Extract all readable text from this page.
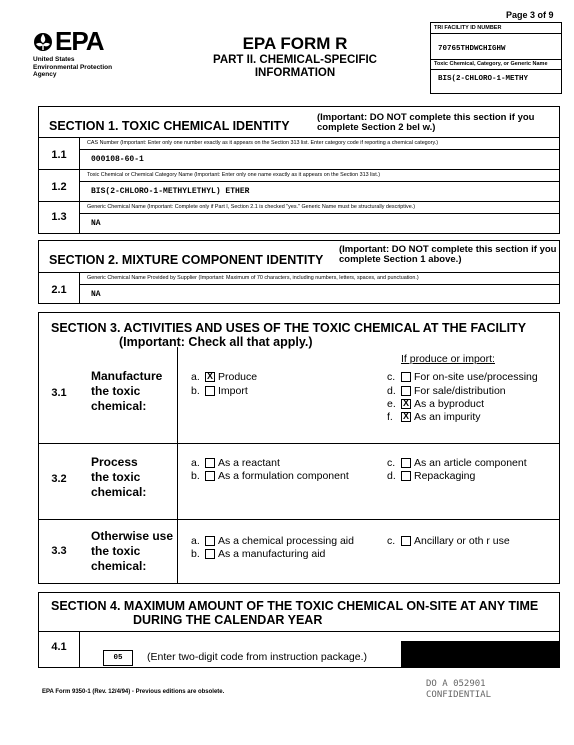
Page 3 of 9
EPA
United States
Environmental Protection
Agency
EPA FORM R
PART II. CHEMICAL-SPECIFIC
INFORMATION
TRI FACILITY ID NUMBER
70765THDWCHIGHW
Toxic Chemical, Category, or Generic Name
BIS(2-CHLORO-1-METHY
SECTION 1. TOXIC CHEMICAL IDENTITY
(Important: DO NOT complete this section if you complete Section 2 bel w.)
1.1
CAS Number (Important: Enter only one number exactly as it appears on the Section 313 list. Enter category code if reporting a chemical category.)
000108-60-1
1.2
Toxic Chemical or Chemical Category Name (Important: Enter only one name exactly as it appears on the Section 313 list.)
BIS(2-CHLORO-1-METHYLETHYL) ETHER
1.3
Generic Chemical Name (Important: Complete only if Part I, Section 2.1 is checked "yes." Generic Name must be structurally descriptive.)
NA
SECTION 2. MIXTURE COMPONENT IDENTITY
(Important: DO NOT complete this section if you complete Section 1 above.)
2.1
Generic Chemical Name Provided by Supplier (Important: Maximum of 70 characters, including numbers, letters, spaces, and punctuation.)
NA
SECTION 3. ACTIVITIES AND USES OF THE TOXIC CHEMICAL AT THE FACILITY
(Important: Check all that apply.)
3.1
Manufacture
the toxic
chemical:
If produce or import:
a. X	Produce
b.	Import
c.	For on-site use/processing
d.	For sale/distribution
e. X	As a byproduct
f. X	As an impurity
3.2
Process
the toxic
chemical:
a.	As a reactant
b.	As a formulation component
c.	As an article component
d.	Repackaging
3.3
Otherwise use
the toxic
chemical:
a.	As a chemical processing aid
b.	As a manufacturing aid
c.	Ancillary or oth r use
SECTION 4. MAXIMUM AMOUNT OF THE TOXIC CHEMICAL ON-SITE AT ANY TIME
DURING THE CALENDAR YEAR
4.1
05	(Enter two-digit code from instruction package.)
EPA Form 9350-1 (Rev. 12/4/94) - Previous editions are obsolete.
DO A 052901
CONFIDENTIAL
